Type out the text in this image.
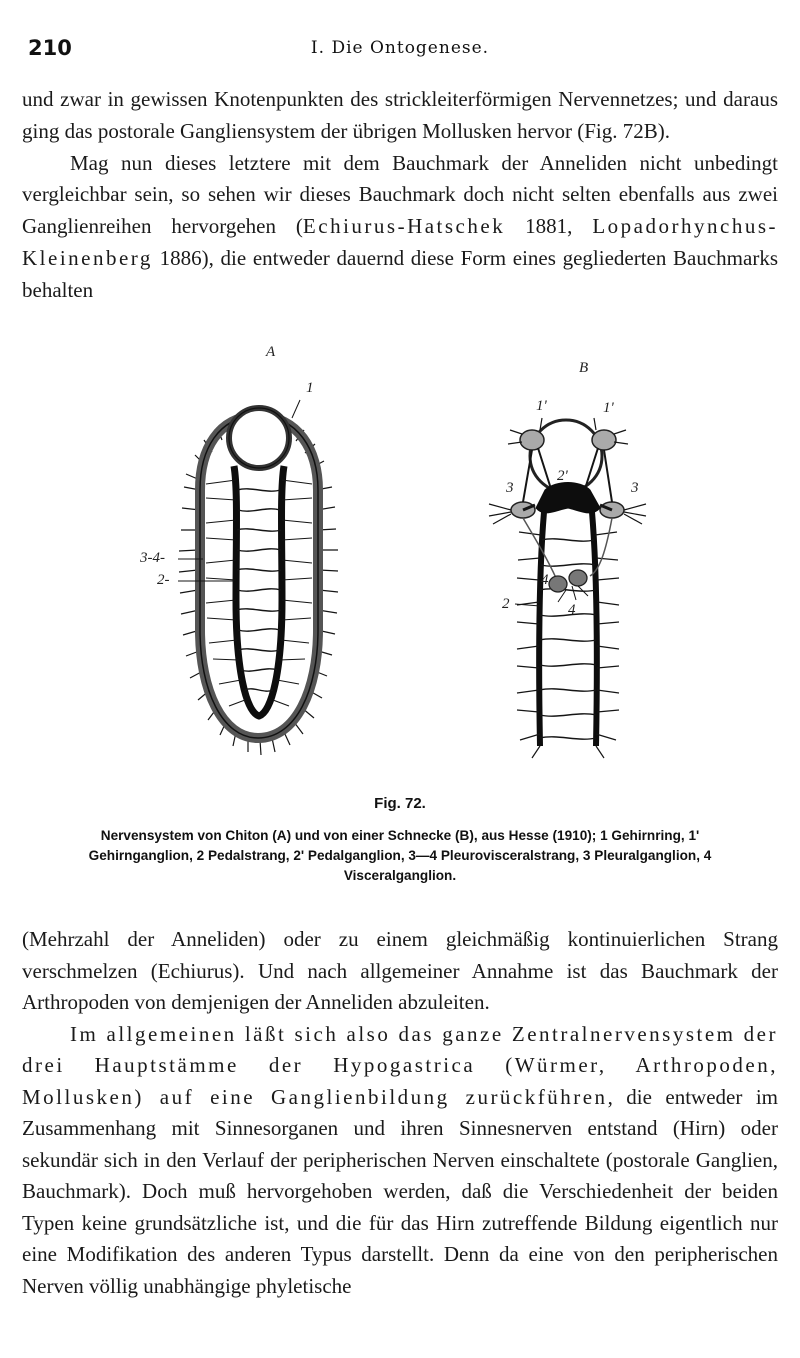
210	I. Die Ontogenese.

und zwar in gewissen Knotenpunkten des strickleiterförmigen Nervennetzes; und daraus ging das postorale Gangliensystem der übrigen Mollusken hervor (Fig. 72B).

Mag nun dieses letztere mit dem Bauchmark der Anneliden nicht unbedingt vergleichbar sein, so sehen wir dieses Bauchmark doch nicht selten ebenfalls aus zwei Ganglienreihen hervorgehen (Echiurus-Hatschek 1881, Lopadorhynchus-Kleinenberg 1886), die entweder dauernd diese Form eines gegliederten Bauchmarks behalten

A
B
1
3-4-
2-
1'	1'
2'
3	3
4
4
2
Fig. 72.

Nervensystem von Chiton (A) und von einer Schnecke (B), aus Hesse (1910); 1 Gehirnring, 1' Gehirnganglion, 2 Pedalstrang, 2' Pedalganglion, 3—4 Pleurovisceralstrang, 3 Pleuralganglion, 4 Visceralganglion.

(Mehrzahl der Anneliden) oder zu einem gleichmäßig kontinuierlichen Strang verschmelzen (Echiurus). Und nach allgemeiner Annahme ist das Bauchmark der Arthropoden von demjenigen der Anneliden abzuleiten.

Im allgemeinen läßt sich also das ganze Zentralnervensystem der drei Hauptstämme der Hypogastrica (Würmer, Arthropoden, Mollusken) auf eine Ganglienbildung zurückführen, die entweder im Zusammenhang mit Sinnesorganen und ihren Sinnesnerven entstand (Hirn) oder sekundär sich in den Verlauf der peripherischen Nerven einschaltete (postorale Ganglien, Bauchmark). Doch muß hervorgehoben werden, daß die Verschiedenheit der beiden Typen keine grundsätzliche ist, und die für das Hirn zutreffende Bildung eigentlich nur eine Modifikation des anderen Typus darstellt. Denn da eine von den peripherischen Nerven völlig unabhängige phyletische
